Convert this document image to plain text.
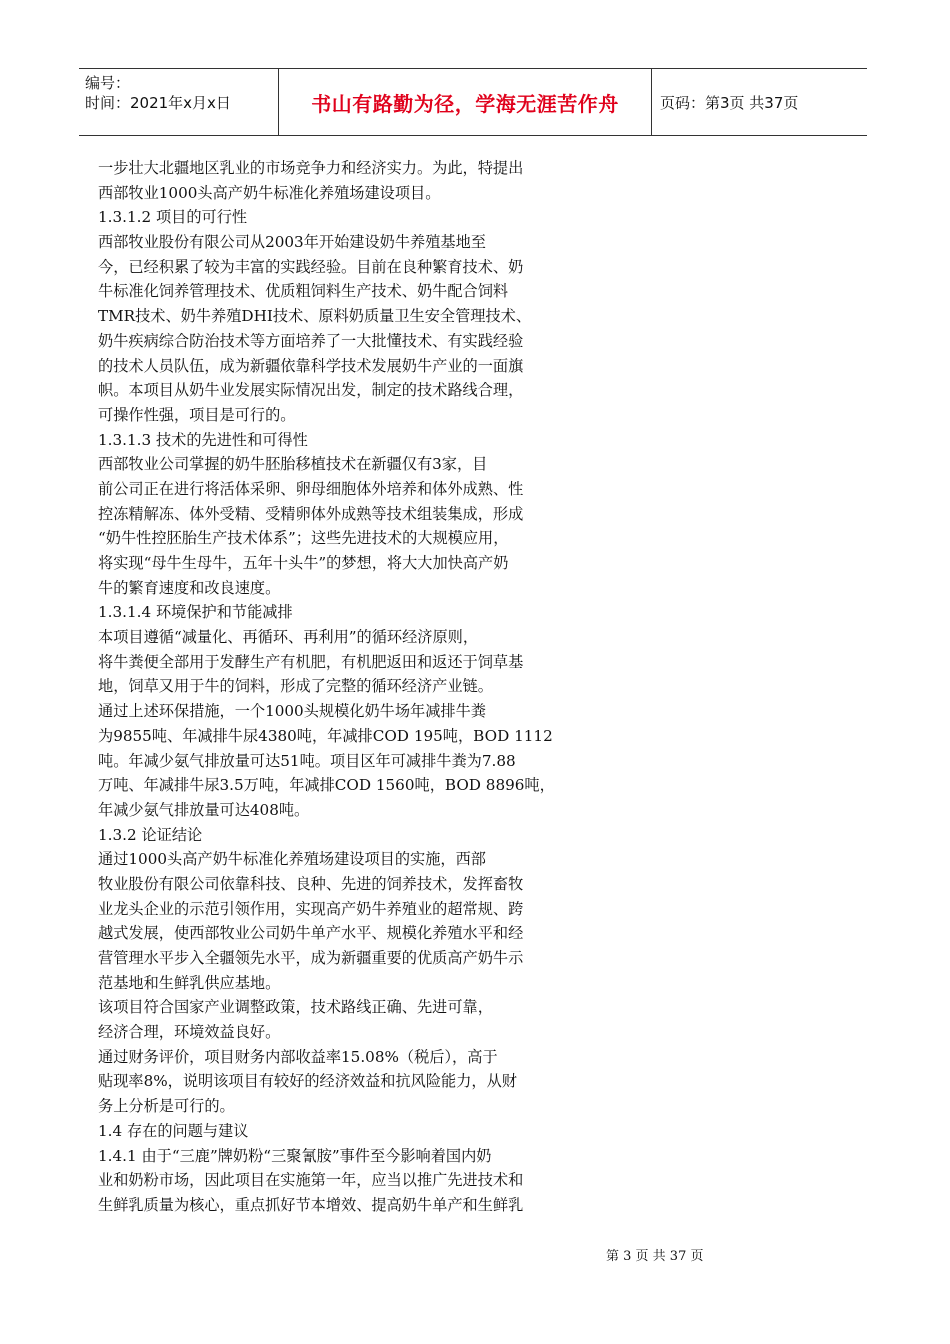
编号：
时间：2021年x月x日	书山有路勤为径，学海无涯苦作舟	页码：第3页 共37页
一步壮大北疆地区乳业的市场竞争力和经济实力。为此，特提出
西部牧业1000头高产奶牛标准化养殖场建设项目。
1.3.1.2 项目的可行性
西部牧业股份有限公司从2003年开始建设奶牛养殖基地至
今，已经积累了较为丰富的实践经验。目前在良种繁育技术、奶
牛标准化饲养管理技术、优质粗饲料生产技术、奶牛配合饲料
TMR技术、奶牛养殖DHI技术、原料奶质量卫生安全管理技术、
奶牛疾病综合防治技术等方面培养了一大批懂技术、有实践经验
的技术人员队伍，成为新疆依靠科学技术发展奶牛产业的一面旗
帜。本项目从奶牛业发展实际情况出发，制定的技术路线合理，
可操作性强，项目是可行的。
1.3.1.3 技术的先进性和可得性
西部牧业公司掌握的奶牛胚胎移植技术在新疆仅有3家，目
前公司正在进行将活体采卵、卵母细胞体外培养和体外成熟、性
控冻精解冻、体外受精、受精卵体外成熟等技术组装集成，形成
“奶牛性控胚胎生产技术体系”；这些先进技术的大规模应用，
将实现“母牛生母牛，五年十头牛”的梦想，将大大加快高产奶
牛的繁育速度和改良速度。
1.3.1.4 环境保护和节能减排
本项目遵循“减量化、再循环、再利用”的循环经济原则，
将牛粪便全部用于发酵生产有机肥，有机肥返田和返还于饲草基
地，饲草又用于牛的饲料，形成了完整的循环经济产业链。
通过上述环保措施，一个1000头规模化奶牛场年减排牛粪
为9855吨、年减排牛尿4380吨，年减排COD 195吨，BOD 1112
吨。年减少氨气排放量可达51吨。项目区年可减排牛粪为7.88
万吨、年减排牛尿3.5万吨，年减排COD 1560吨，BOD 8896吨，
年减少氨气排放量可达408吨。
1.3.2 论证结论
通过1000头高产奶牛标准化养殖场建设项目的实施，西部
牧业股份有限公司依靠科技、良种、先进的饲养技术，发挥畜牧
业龙头企业的示范引领作用，实现高产奶牛养殖业的超常规、跨
越式发展，使西部牧业公司奶牛单产水平、规模化养殖水平和经
营管理水平步入全疆领先水平，成为新疆重要的优质高产奶牛示
范基地和生鲜乳供应基地。
该项目符合国家产业调整政策，技术路线正确、先进可靠，
经济合理，环境效益良好。
通过财务评价，项目财务内部收益率15.08%（税后），高于
贴现率8%，说明该项目有较好的经济效益和抗风险能力，从财
务上分析是可行的。
1.4 存在的问题与建议
1.4.1 由于“三鹿”牌奶粉“三聚氰胺”事件至今影响着国内奶
业和奶粉市场，因此项目在实施第一年，应当以推广先进技术和
生鲜乳质量为核心，重点抓好节本增效、提高奶牛单产和生鲜乳
第 3 页 共 37 页
